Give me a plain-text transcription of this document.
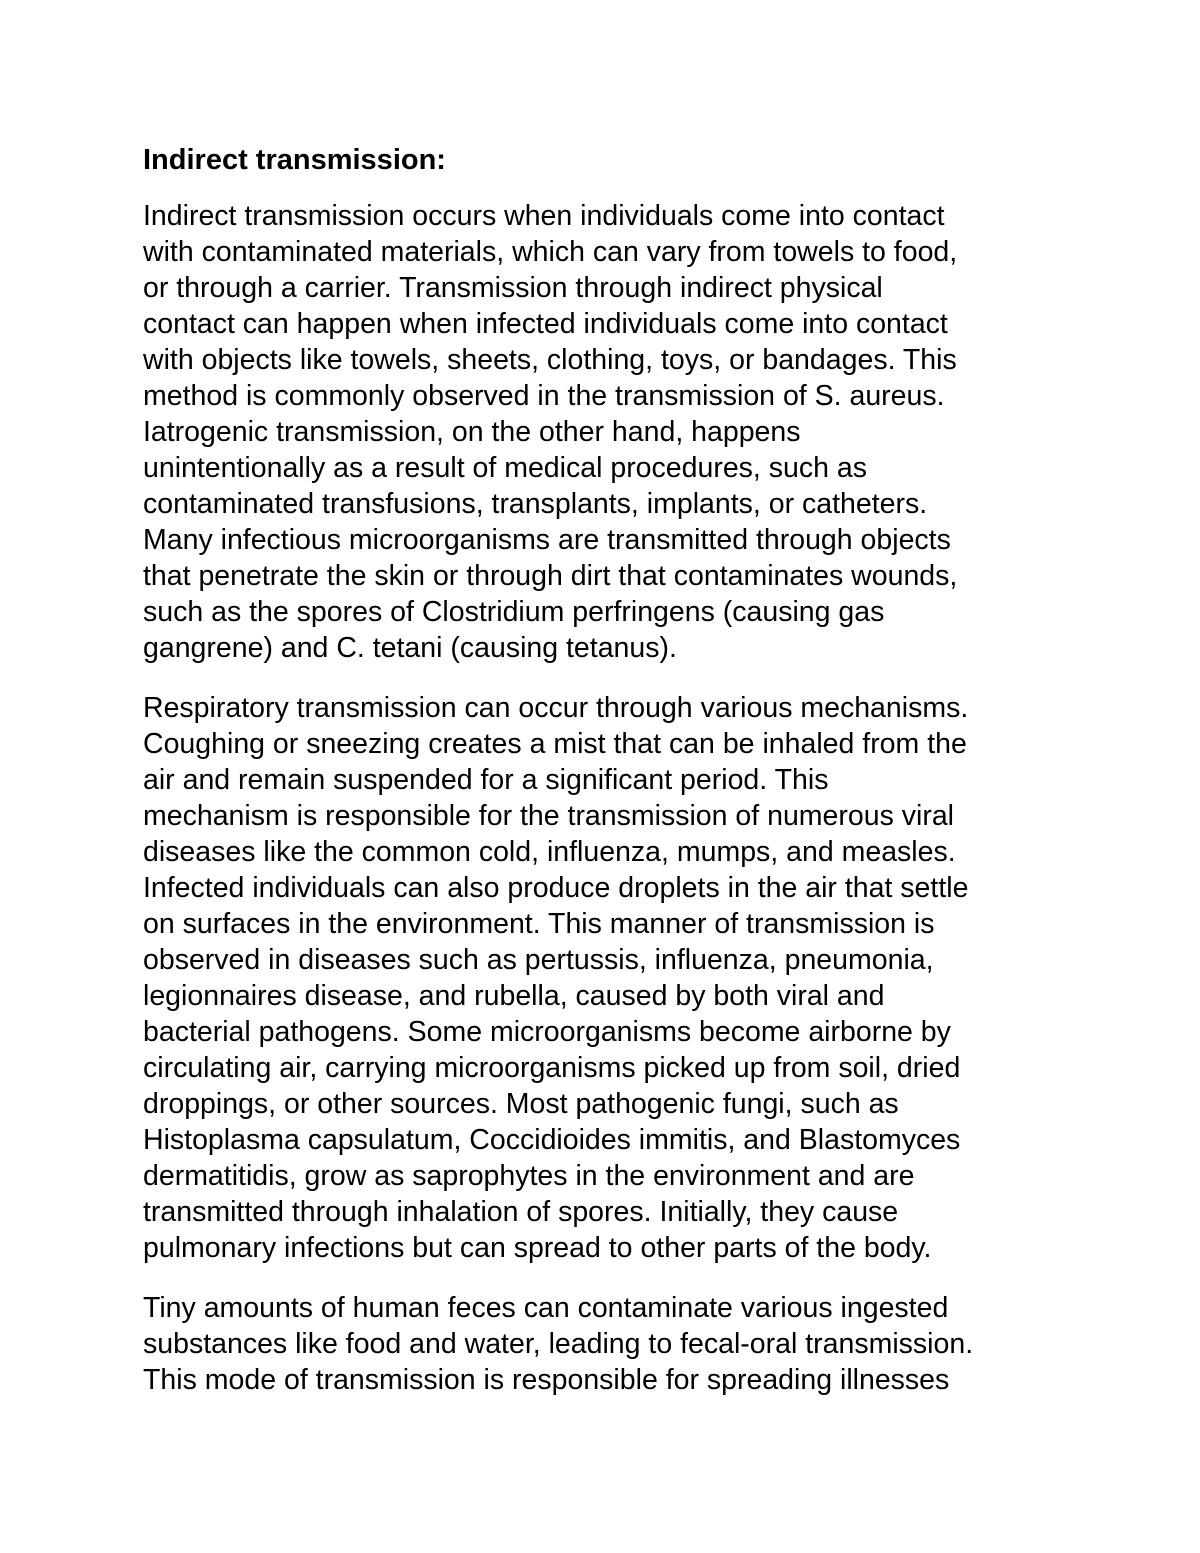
Indirect transmission:
Indirect transmission occurs when individuals come into contact
with contaminated materials, which can vary from towels to food,
or through a carrier. Transmission through indirect physical
contact can happen when infected individuals come into contact
with objects like towels, sheets, clothing, toys, or bandages. This
method is commonly observed in the transmission of S. aureus.
Iatrogenic transmission, on the other hand, happens
unintentionally as a result of medical procedures, such as
contaminated transfusions, transplants, implants, or catheters.
Many infectious microorganisms are transmitted through objects
that penetrate the skin or through dirt that contaminates wounds,
such as the spores of Clostridium perfringens (causing gas
gangrene) and C. tetani (causing tetanus).
Respiratory transmission can occur through various mechanisms.
Coughing or sneezing creates a mist that can be inhaled from the
air and remain suspended for a significant period. This
mechanism is responsible for the transmission of numerous viral
diseases like the common cold, influenza, mumps, and measles.
Infected individuals can also produce droplets in the air that settle
on surfaces in the environment. This manner of transmission is
observed in diseases such as pertussis, influenza, pneumonia,
legionnaires disease, and rubella, caused by both viral and
bacterial pathogens. Some microorganisms become airborne by
circulating air, carrying microorganisms picked up from soil, dried
droppings, or other sources. Most pathogenic fungi, such as
Histoplasma capsulatum, Coccidioides immitis, and Blastomyces
dermatitidis, grow as saprophytes in the environment and are
transmitted through inhalation of spores. Initially, they cause
pulmonary infections but can spread to other parts of the body.
Tiny amounts of human feces can contaminate various ingested
substances like food and water, leading to fecal-oral transmission.
This mode of transmission is responsible for spreading illnesses
